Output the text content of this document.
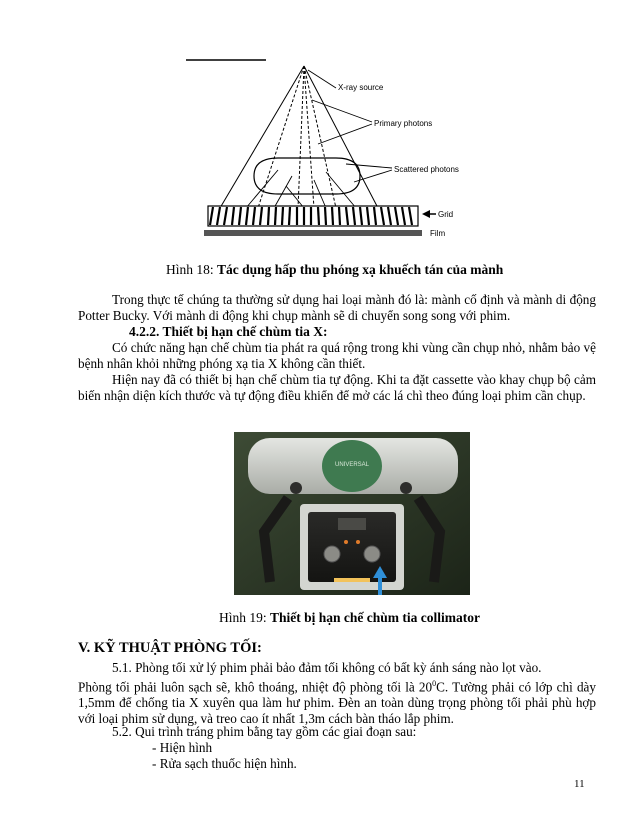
X-ray source
Primary photons
Scattered photons
Grid
Film
Hình 18: Tác dụng hấp thu phóng xạ khuếch tán của mành
Trong thực tế chúng ta thường sử dụng hai loại mành đó là: mành cố định và mành di động Potter Bucky. Với mành di động khi chụp mành sẽ di chuyển song song với phim.
4.2.2. Thiết bị hạn chế chùm tia X:
Có chức năng hạn chế chùm tia phát ra quá rộng trong khi vùng cần chụp nhỏ, nhằm bảo vệ bệnh nhân khỏi những phóng xạ tia X không cần thiết.
Hiện nay đã có thiết bị hạn chế chùm tia tự động. Khi ta đặt cassette vào khay chụp bộ cảm biến nhận diện kích thước và tự động điều khiển để mở các lá chì theo đúng loại phim cần chụp.
UNIVERSAL
Hình 19: Thiết bị hạn chế chùm tia collimator
V. KỸ THUẬT PHÒNG TỐI:
5.1. Phòng tối xử lý phim phải bảo đảm tối không có bất kỳ ánh sáng nào lọt vào.
Phòng tối phải luôn sạch sẽ, khô thoáng, nhiệt độ phòng tối là $20^0C$. Tường phải có lớp chì dày 1,5mm để chống tia X xuyên qua làm hư phim. Đèn an toàn dùng trọng phòng tối phải phù hợp với loại phim sử dụng, và treo cao ít nhất 1,3m cách bàn tháo lắp phim.
5.2. Qui trình tráng phim bằng tay gồm các giai đoạn sau:
- Hiện hình
- Rửa sạch thuốc hiện hình.
11
